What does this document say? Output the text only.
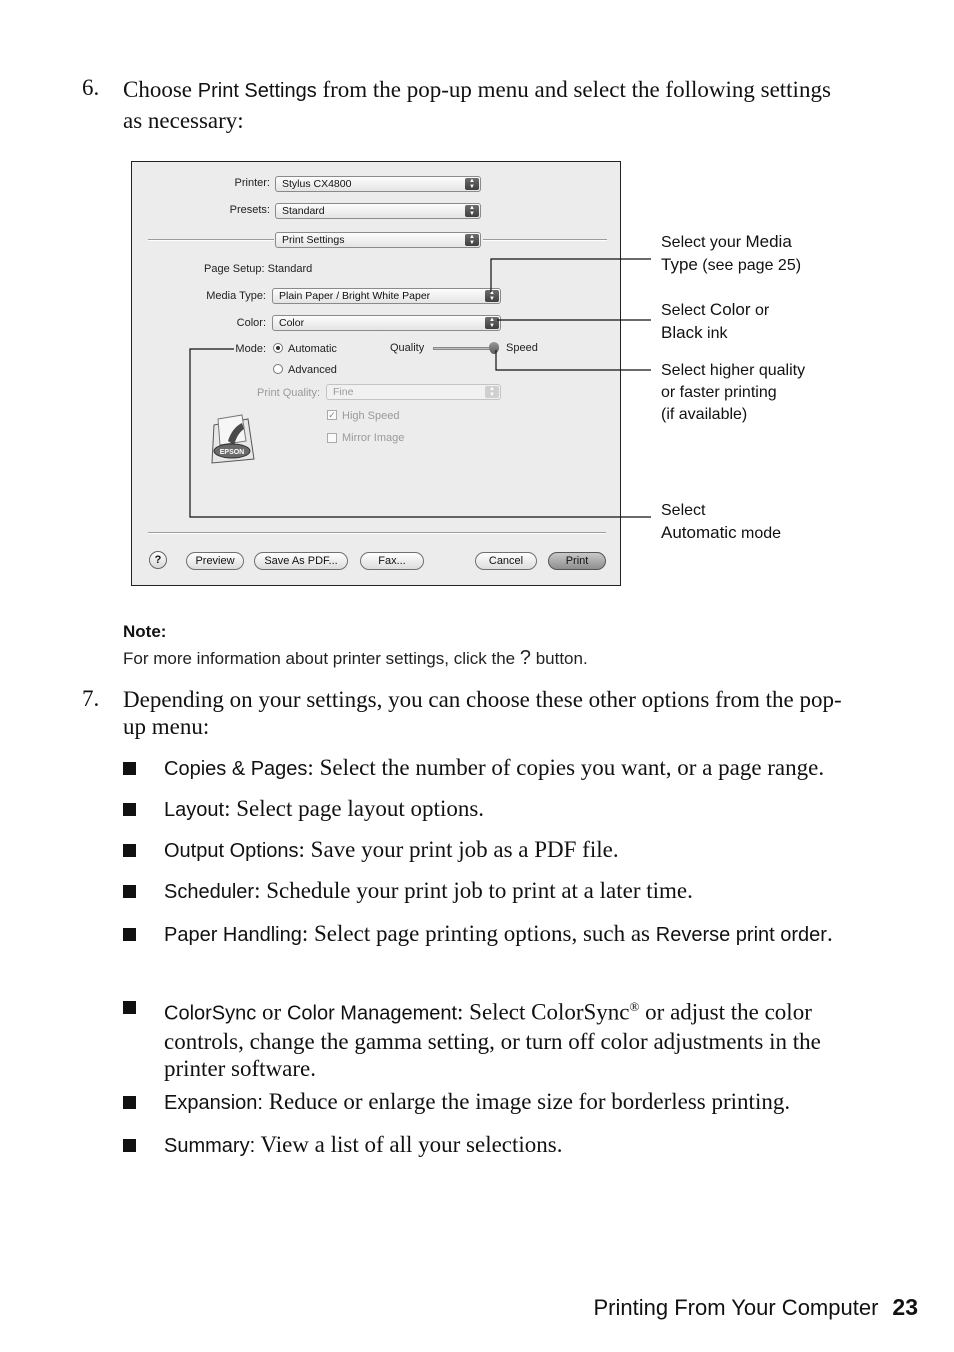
6. Choose Print Settings from the pop-up menu and select the following settings as necessary:
Printer:	Stylus CX4800	▲
▼
Presets:	Standard	▲
▼
Print Settings	▲
▼
Page Setup: Standard
Media Type:	Plain Paper / Bright White Paper	▲
▼
Color:	Color	▲
▼
Mode: Automatic
Advanced
Quality	Speed
Print Quality:	Fine	▲
▼
✓ High Speed
Mirror Image
EPSON
?	Preview	Save As PDF...	Fax...	Cancel	Print
Select your Media
Type (see page 25)
Select Color or
Black ink
Select higher quality
or faster printing
(if available)
Select
Automatic mode
Note:
For more information about printer settings, click the ? button.
7. Depending on your settings, you can choose these other options from the pop-up menu:
Copies & Pages: Select the number of copies you want, or a page range.
Layout: Select page layout options.
Output Options: Save your print job as a PDF file.
Scheduler: Schedule your print job to print at a later time.
Paper Handling: Select page printing options, such as Reverse print order.
ColorSync or Color Management: Select ColorSync® or adjust the color controls, change the gamma setting, or turn off color adjustments in the printer software.
Expansion: Reduce or enlarge the image size for borderless printing.
Summary: View a list of all your selections.
Printing From Your Computer 23
